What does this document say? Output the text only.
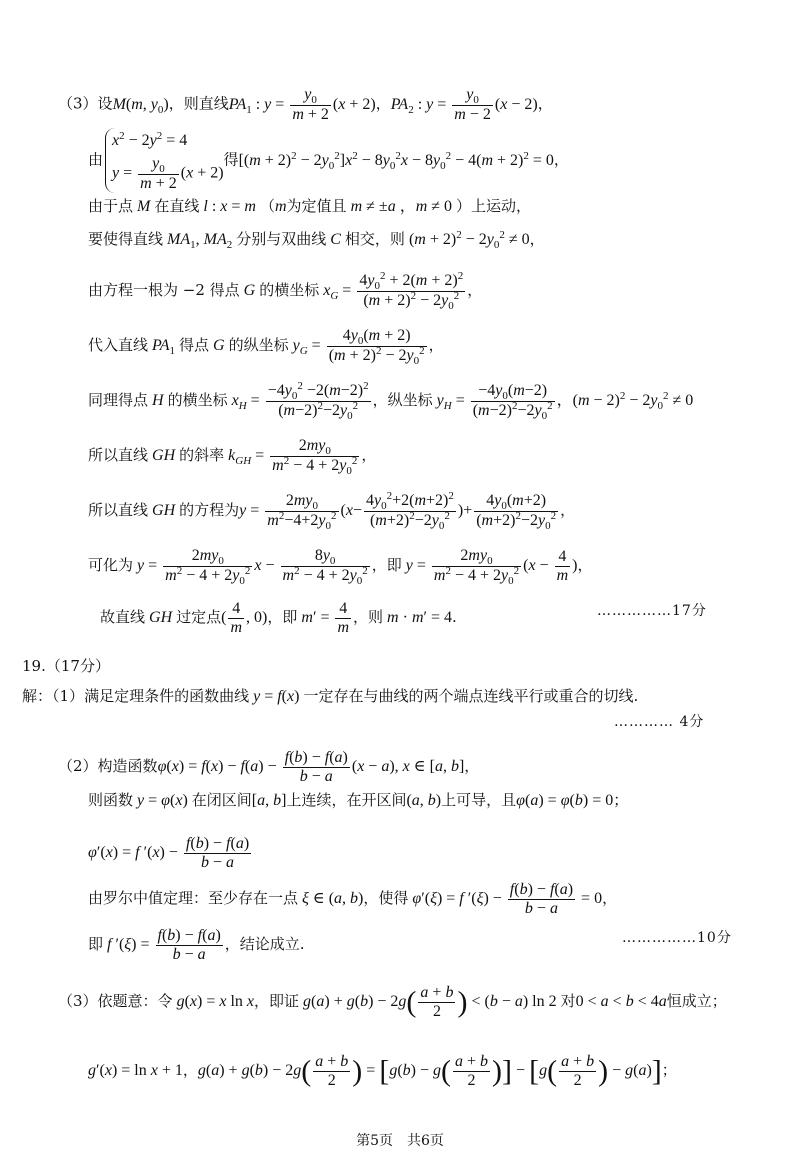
（3）设M(m, $y_0$)，则直线$PA_1$ : $y = \frac{y_0}{m + 2} (x + 2)$，$PA_2$ : $y = \frac{y_0}{m - 2} (x - 2)$，
由
$x^2 - 2y^2 = 4$
$y = \frac{y_0}{m + 2} (x + 2)$
得$[(m + 2)^2 - 2y_0^2]x^2 - 8y_0^2x - 8y_0^2 - 4(m + 2)^2 = 0$，
由于点 M 在直线 l : x = m （m为定值且 m ≠ ±a ，m ≠ 0 ）上运动，
要使得直线 $MA_1$, $MA_2$ 分别与双曲线 C 相交，则 $(m + 2)^2 - 2y_0^2 \ne 0$，
由方程一根为 −2 得点 G 的横坐标 $x_G = \frac{4y_0^2 + 2(m + 2)^2}{(m + 2)^2 - 2y_0^2}$ ，
代入直线 $PA_1$ 得点 G 的纵坐标 $y_G = \frac{4y_0(m + 2)}{(m + 2)^2 - 2y_0^2}$ ，
同理得点 H 的横坐标 $x_H = \frac{-4y_0^2 -2(m-2)^2}{(m-2)^2-2y_0^2}$ ，纵坐标 $y_H = \frac{-4y_0(m-2)}{(m-2)^2-2y_0^2}$ ，$(m - 2)^2 - 2y_0^2 \ne 0$
所以直线 GH 的斜率 $k_{GH} = \frac{2my_0}{m^2 - 4 + 2y_0^2}$ ，
所以直线 GH 的方程为$y = \frac{2my_0}{m^2-4+2y_0^2} (x- \frac{4y_0^2+2(m+2)^2}{(m+2)^2-2y_0^2}$ )+ $\frac{4y_0(m+2)}{(m+2)^2-2y_0^2}$ ，
可化为 $y = \frac{2my_0}{m^2 - 4 + 2y_0^2}$ $x - \frac{8y_0}{m^2 - 4 + 2y_0^2}$ ，即 $y = \frac{2my_0}{m^2 - 4 + 2y_0^2} (x - \frac{4}{m}$ )，
故直线 GH 过定点( $\frac{4}{m}$ , 0)，即 $m' = \frac{4}{m}$ ，则 m · m′ = 4.	……………17分
19.（17分）
解：（1）满足定理条件的函数曲线 y = f(x) 一定存在与曲线的两个端点连线平行或重合的切线.
………… 4分
（2）构造函数$\varphi(x) = f(x) - f(a) - \frac{f(b) - f(a)}{b - a} (x - a)$, x ∈ [a, b]，
则函数 y = φ(x) 在闭区间[a, b]上连续，在开区间(a, b)上可导，且φ(a) = φ(b) = 0；
φ′(x) = f $'(x) - \frac{f(b) - f(a)}{b - a}$
由罗尔中值定理：至少存在一点 ξ ∈ (a, b)，使得 φ′(ξ) = f $'(\xi) - \frac{f(b) - f(a)}{b - a} = 0$，
即 f $'(\xi) = \frac{f(b) - f(a)}{b - a}$ ，结论成立.	……………10分
（3）依题意：令 g(x) = x ln x，即证 $g(a) + g(b) - 2g( \frac{a + b}{2}$ ) < (b − a) ln 2 对0 < a < b < 4a恒成立；
g′(x) = ln x + 1，$g(a) + g(b) - 2g( \frac{a + b}{2}$ ) = [$g(b) - g( \frac{a + b}{2}$ )] − [$g( \frac{a + b}{2}$ ) − g(a)]；
第5页　共6页
